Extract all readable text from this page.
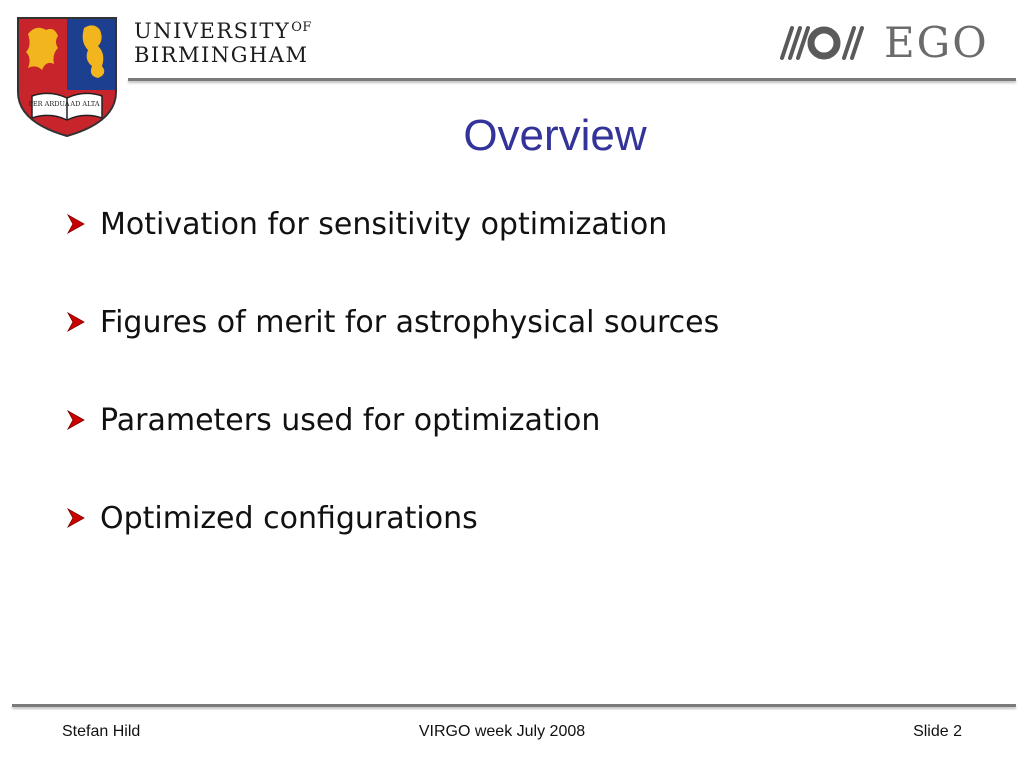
PER ARDUA AD ALTA
$UNIVERSITY^{OF}$
BIRMINGHAM	EGO
Overview
Motivation for sensitivity optimization
Figures of merit for astrophysical sources
Parameters used for optimization
Optimized configurations
Stefan Hild	VIRGO week July 2008	Slide 2
